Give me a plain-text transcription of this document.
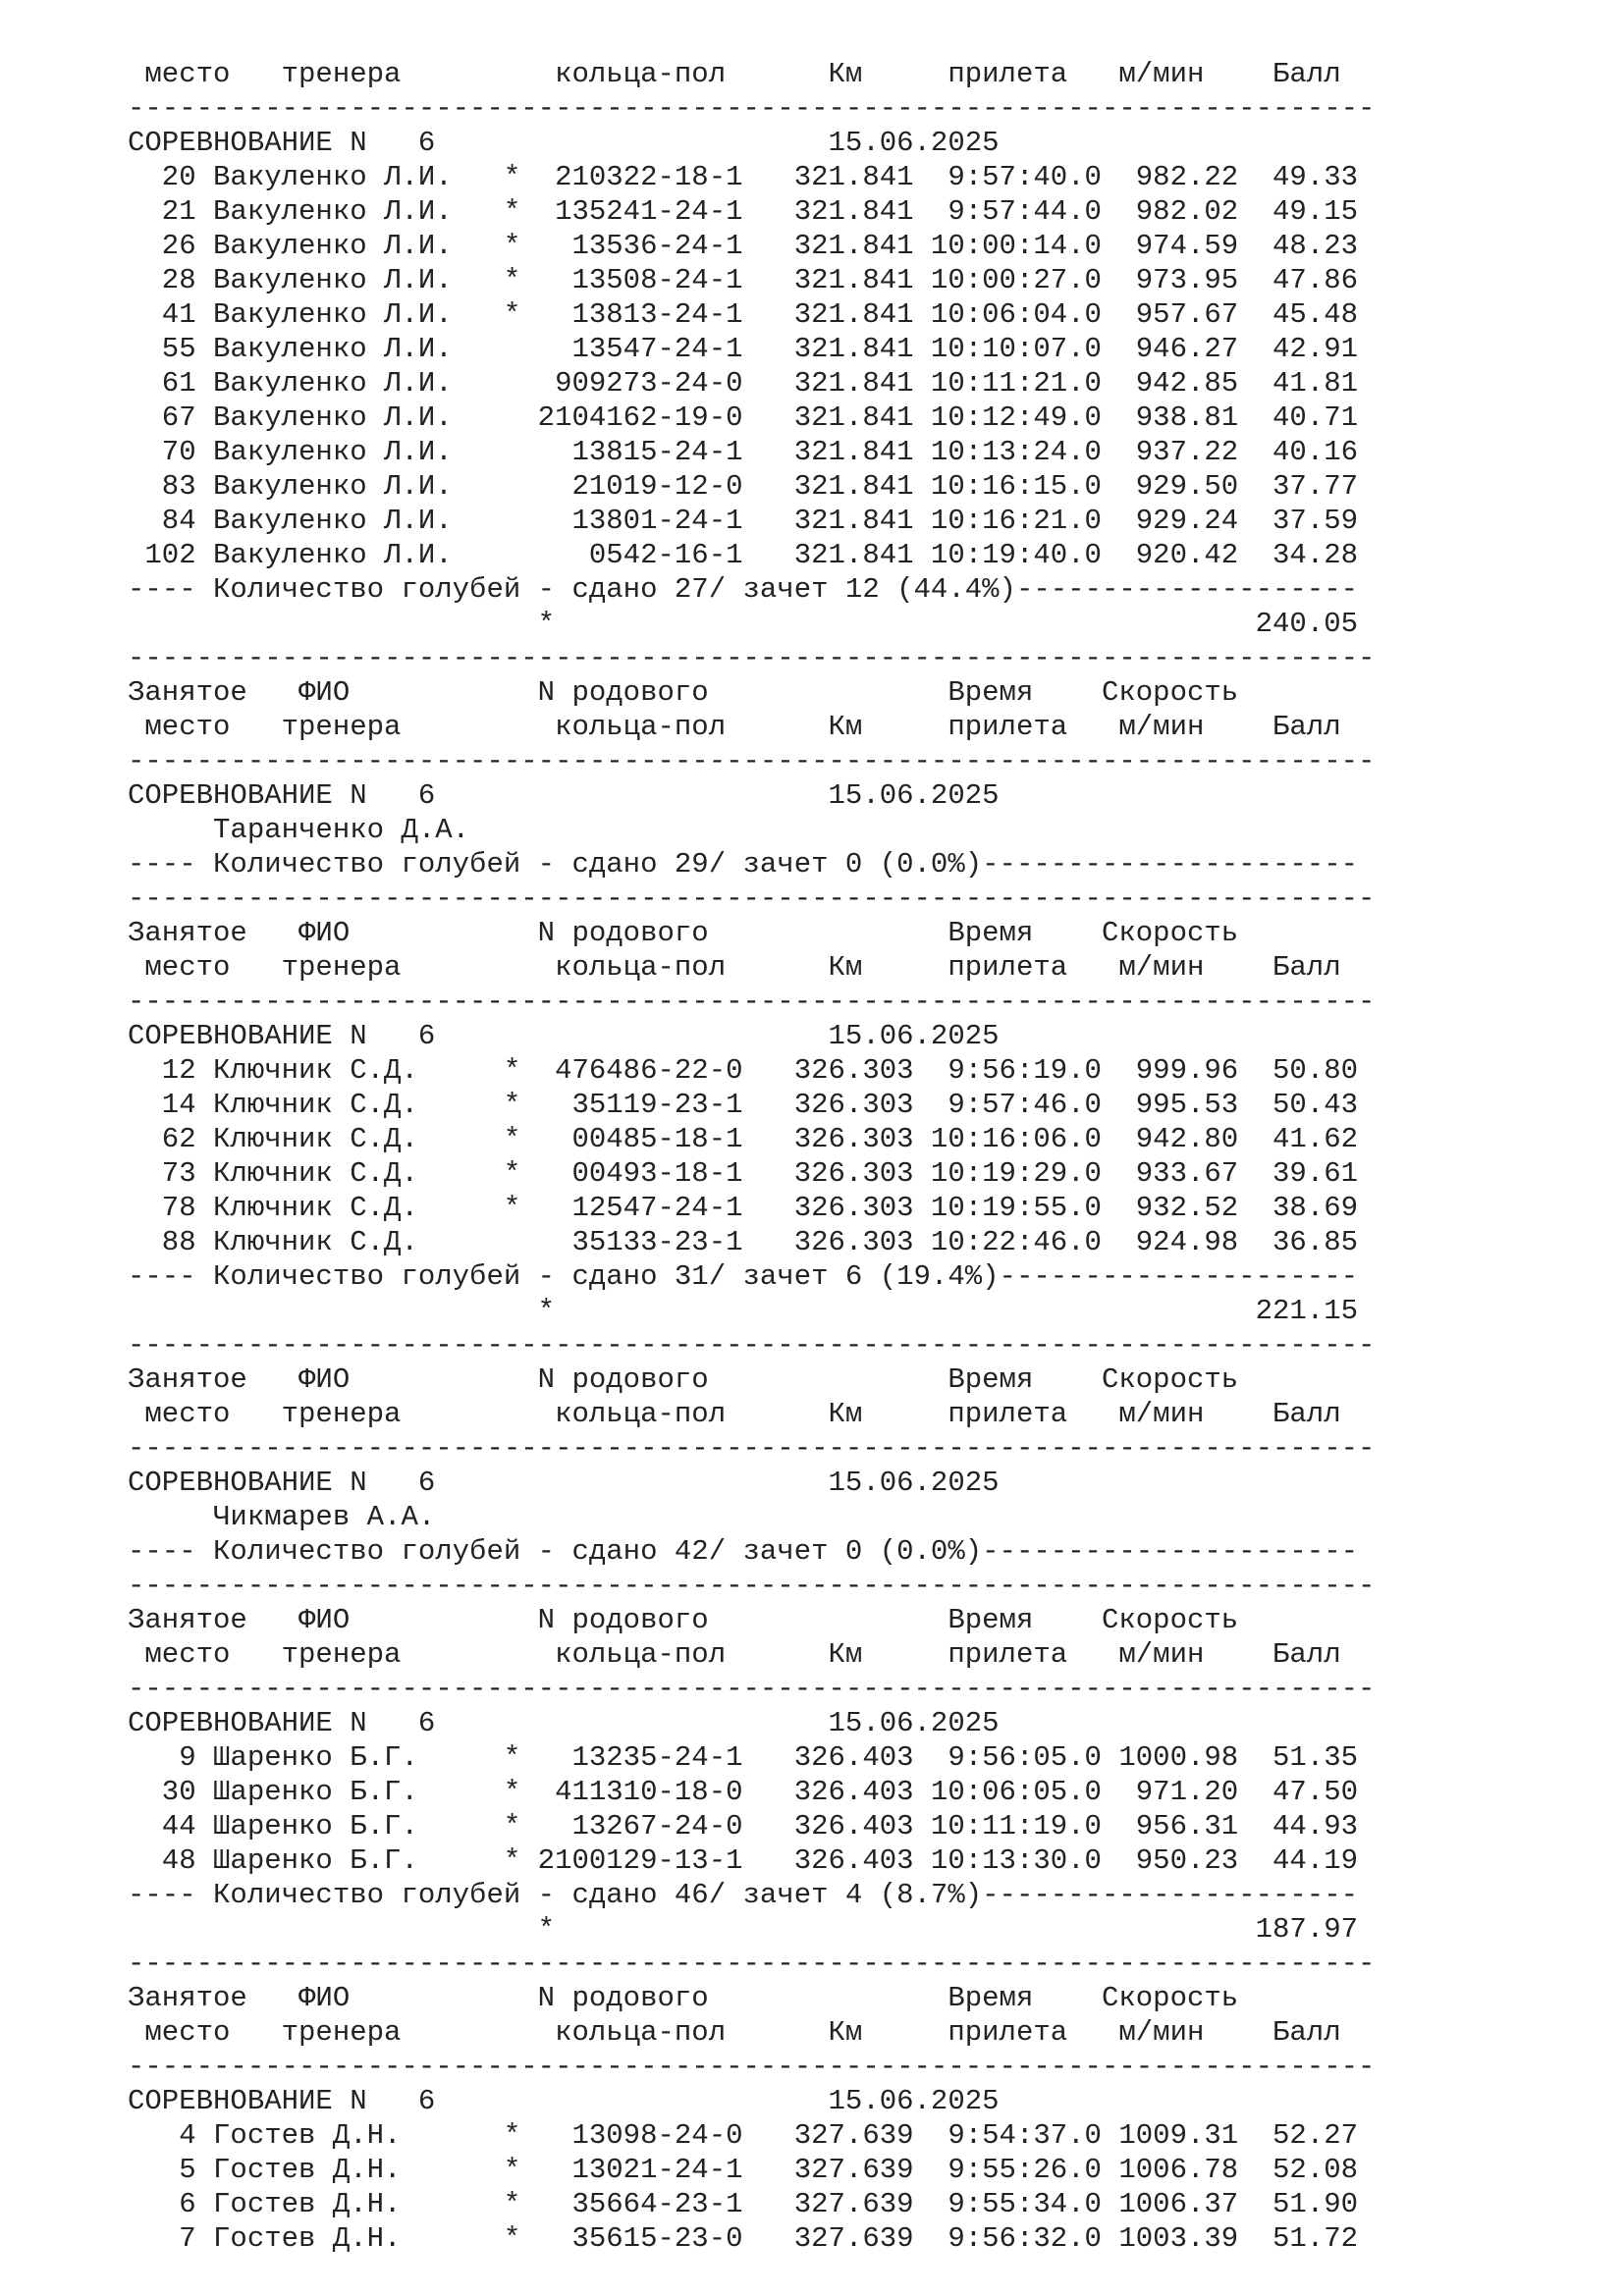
место   тренера         кольца-пол      Км     прилета   м/мин    Балл
-------------------------------------------------------------------------
СОРЕВНОВАНИЕ N   6                       15.06.2025
20 Вакуленко Л.И.   *  210322-18-1   321.841  9:57:40.0  982.22  49.33
21 Вакуленко Л.И.   *  135241-24-1   321.841  9:57:44.0  982.02  49.15
26 Вакуленко Л.И.   *   13536-24-1   321.841 10:00:14.0  974.59  48.23
28 Вакуленко Л.И.   *   13508-24-1   321.841 10:00:27.0  973.95  47.86
41 Вакуленко Л.И.   *   13813-24-1   321.841 10:06:04.0  957.67  45.48
55 Вакуленко Л.И.       13547-24-1   321.841 10:10:07.0  946.27  42.91
61 Вакуленко Л.И.      909273-24-0   321.841 10:11:21.0  942.85  41.81
67 Вакуленко Л.И.     2104162-19-0   321.841 10:12:49.0  938.81  40.71
70 Вакуленко Л.И.       13815-24-1   321.841 10:13:24.0  937.22  40.16
83 Вакуленко Л.И.       21019-12-0   321.841 10:16:15.0  929.50  37.77
84 Вакуленко Л.И.       13801-24-1   321.841 10:16:21.0  929.24  37.59
102 Вакуленко Л.И.        0542-16-1   321.841 10:19:40.0  920.42  34.28
---- Количество голубей - сдано 27/ зачет 12 (44.4%)--------------------
*                                         240.05
-------------------------------------------------------------------------
Занятое   ФИО           N родового              Время    Скорость
место   тренера         кольца-пол      Км     прилета   м/мин    Балл
-------------------------------------------------------------------------
СОРЕВНОВАНИЕ N   6                       15.06.2025
Таранченко Д.А.
---- Количество голубей - сдано 29/ зачет 0 (0.0%)----------------------
-------------------------------------------------------------------------
Занятое   ФИО           N родового              Время    Скорость
место   тренера         кольца-пол      Км     прилета   м/мин    Балл
-------------------------------------------------------------------------
СОРЕВНОВАНИЕ N   6                       15.06.2025
12 Ключник С.Д.     *  476486-22-0   326.303  9:56:19.0  999.96  50.80
14 Ключник С.Д.     *   35119-23-1   326.303  9:57:46.0  995.53  50.43
62 Ключник С.Д.     *   00485-18-1   326.303 10:16:06.0  942.80  41.62
73 Ключник С.Д.     *   00493-18-1   326.303 10:19:29.0  933.67  39.61
78 Ключник С.Д.     *   12547-24-1   326.303 10:19:55.0  932.52  38.69
88 Ключник С.Д.         35133-23-1   326.303 10:22:46.0  924.98  36.85
---- Количество голубей - сдано 31/ зачет 6 (19.4%)---------------------
*                                         221.15
-------------------------------------------------------------------------
Занятое   ФИО           N родового              Время    Скорость
место   тренера         кольца-пол      Км     прилета   м/мин    Балл
-------------------------------------------------------------------------
СОРЕВНОВАНИЕ N   6                       15.06.2025
Чикмарев А.А.
---- Количество голубей - сдано 42/ зачет 0 (0.0%)----------------------
-------------------------------------------------------------------------
Занятое   ФИО           N родового              Время    Скорость
место   тренера         кольца-пол      Км     прилета   м/мин    Балл
-------------------------------------------------------------------------
СОРЕВНОВАНИЕ N   6                       15.06.2025
9 Шаренко Б.Г.     *   13235-24-1   326.403  9:56:05.0 1000.98  51.35
30 Шаренко Б.Г.     *  411310-18-0   326.403 10:06:05.0  971.20  47.50
44 Шаренко Б.Г.     *   13267-24-0   326.403 10:11:19.0  956.31  44.93
48 Шаренко Б.Г.     * 2100129-13-1   326.403 10:13:30.0  950.23  44.19
---- Количество голубей - сдано 46/ зачет 4 (8.7%)----------------------
*                                         187.97
-------------------------------------------------------------------------
Занятое   ФИО           N родового              Время    Скорость
место   тренера         кольца-пол      Км     прилета   м/мин    Балл
-------------------------------------------------------------------------
СОРЕВНОВАНИЕ N   6                       15.06.2025
4 Гостев Д.Н.      *   13098-24-0   327.639  9:54:37.0 1009.31  52.27
5 Гостев Д.Н.      *   13021-24-1   327.639  9:55:26.0 1006.78  52.08
6 Гостев Д.Н.      *   35664-23-1   327.639  9:55:34.0 1006.37  51.90
7 Гостев Д.Н.      *   35615-23-0   327.639  9:56:32.0 1003.39  51.72
